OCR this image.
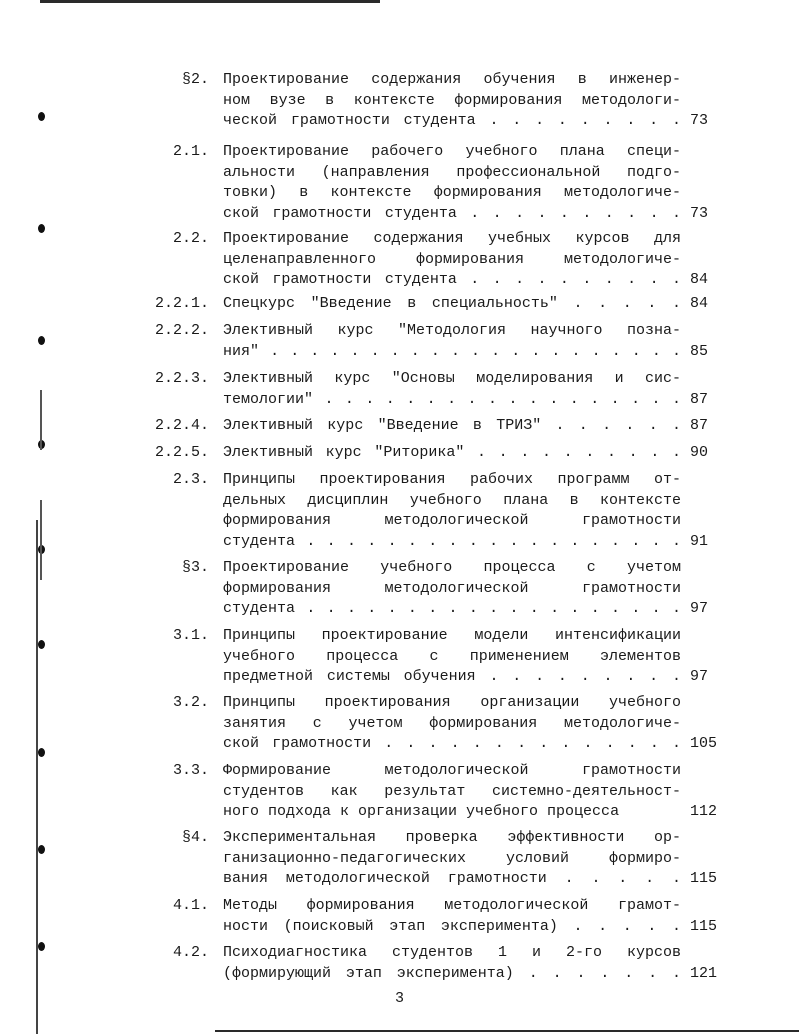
§2. Проектирование содержания обучения в инженер-
ном вузе в контексте формирования методологи-
ческой грамотности студента . . . . . . . . . 73
2.1. Проектирование рабочего учебного плана специ-
альности (направления профессиональной подго-
товки) в контексте формирования методологиче-
ской грамотности студента . . . . . . . . . . 73
2.2. Проектирование содержания учебных курсов для
целенаправленного формирования методологиче-
ской грамотности студента . . . . . . . . . . 84
2.2.1. Спецкурс "Введение в специальность" . . . . . 84
2.2.2. Элективный курс "Методология научного позна-
ния" . . . . . . . . . . . . . . . . . . . . . 85
2.2.3. Элективный курс "Основы моделирования и сис-
темологии" . . . . . . . . . . . . . . . . . . 87
2.2.4. Элективный курс "Введение в ТРИЗ" . . . . . . 87
2.2.5. Элективный курс "Риторика" . . . . . . . . . . 90
2.3. Принципы проектирования рабочих программ от-
дельных дисциплин учебного плана в контексте
формирования методологической грамотности
студента . . . . . . . . . . . . . . . . . . . 91
§3. Проектирование учебного процесса с учетом
формирования методологической грамотности
студента . . . . . . . . . . . . . . . . . . . 97
3.1. Принципы проектирование модели интенсификации
учебного процесса с применением элементов
предметной системы обучения . . . . . . . . . 97
3.2. Принципы проектирования организации учебного
занятия с учетом формирования методологиче-
ской грамотности . . . . . . . . . . . . . . 105
3.3. Формирование методологической грамотности
студентов как результат системно-деятельност-
ного подхода к организации учебного процесса	112
§4. Экспериментальная проверка эффективности ор-
ганизационно-педагогических условий формиро-
вания методологической грамотности . . . . . 115
4.1. Методы формирования методологической грамот-
ности (поисковый этап эксперимента) . . . . . 115
4.2. Психодиагностика студентов 1 и 2-го курсов
(формирующий этап эксперимента) . . . . . . . 121
3
